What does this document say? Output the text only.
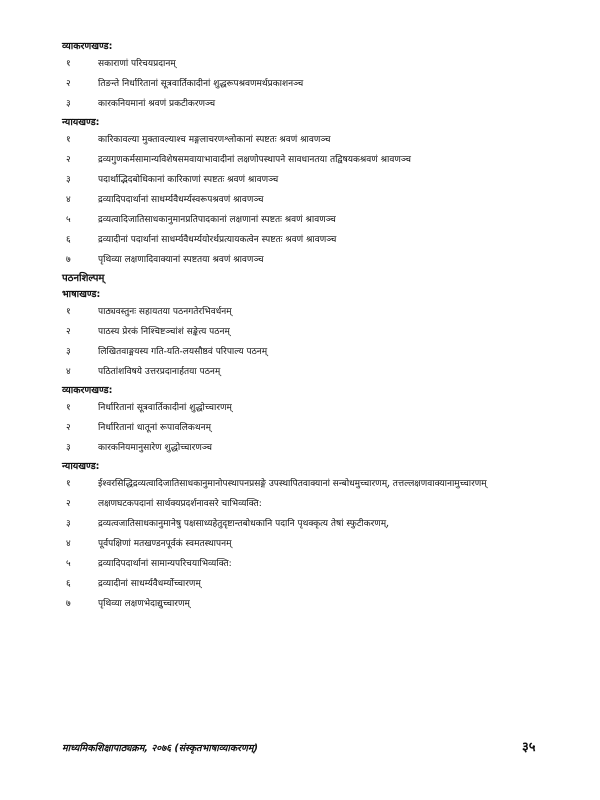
व्याकरणखण्ड:
१	सकाराणां परिचयप्रदानम्
२	तिङन्ते निर्धारितानां सूत्रवार्तिकादीनां शुद्धरूपश्रवणमर्थप्रकाशनञ्च
३	कारकनियमानां श्रवणं प्रकटीकरणञ्च
न्यायखण्ड:
१	कारिकावल्या मुक्तावल्याश्च मङ्गलाचरणश्लोकानां स्पष्टतः श्रवणं श्रावणञ्च
२	द्रव्यगुणकर्मसामान्यविशेषसमवायाभावादीनां लक्षणोपस्थापने सावधानतया तद्विषयकश्रवणं श्रावणञ्च
३	पदार्थाद्भिदबोधिकानां कारिकाणां स्पष्टतः श्रवणं श्रावणञ्च
४	द्रव्यादिपदार्थानां साधर्म्यवैधर्म्यस्वरूपश्रवणं श्रावणञ्च
५	द्रव्यत्वादिजातिसाधकानुमानप्रतिपादकानां लक्षणानां स्पष्टतः श्रवणं श्रावणञ्च
६	द्रव्यादीनां पदार्थानां साधर्म्यवैधर्म्ययोरर्थप्रत्यायकत्वेन स्पष्टतः श्रवणं श्रावणञ्च
७	पृथिव्या लक्षणादिवाक्यानां स्पष्टतया श्रवणं श्रावणञ्च
पठनशिल्पम्
भाषाखण्ड:
१	पाठ्यवस्तुनः सहायतया पठनगतेरभिवर्धनम्
२	पाठस्य प्रेरकं निश्चिष्टञ्चांशं सङ्केत्य पठनम्
३	लिखितवाङ्मयस्य गति-यति-लयसौष्ठवं परिपाल्य पठनम्
४	पठितांशविषये उत्तरप्रदानार्हतया पठनम्
व्याकरणखण्ड:
१	निर्धारितानां सूत्रवार्तिकादीनां शुद्धोच्चारणम्
२	निर्धारितानां धातूनां रूपावलिकथनम्
३	कारकनियमानुसारेण शुद्धोच्चारणञ्च
न्यायखण्ड:
१	ईश्वरसिद्धिद्रव्यत्वादिजातिसाधकानुमानोपस्थापनप्रसङ्गे उपस्थापितवाक्यानां सन्बोधमुच्चारणम्, तत्तल्लक्षणवाक्यानामुच्चारणम्
२	लक्षणघटकपदानां सार्थक्यप्रदर्शनावसरे चाभिव्यक्ति:
३	द्रव्यत्वजातिसाधकानुमानेषु पक्षसाध्यहेतुदृष्टान्तबोधकानि पदानि पृथक्कृत्य तेषां स्फुटीकरणम्,
४	पूर्वपक्षिणां मतखण्डनपूर्वकं स्वमतस्थापनम्
५	द्रव्यादिपदार्थानां सामान्यपरिचयाभिव्यक्ति:
६	द्रव्यादीनां साधर्म्यवैधर्म्योच्चारणम्
७	पृथिव्या लक्षणभेदाद्युच्चारणम्
माध्यमिकशिक्षापाठ्यक्रम, २०७६ (संस्कृतभाषाव्याकरणम्)	३५
